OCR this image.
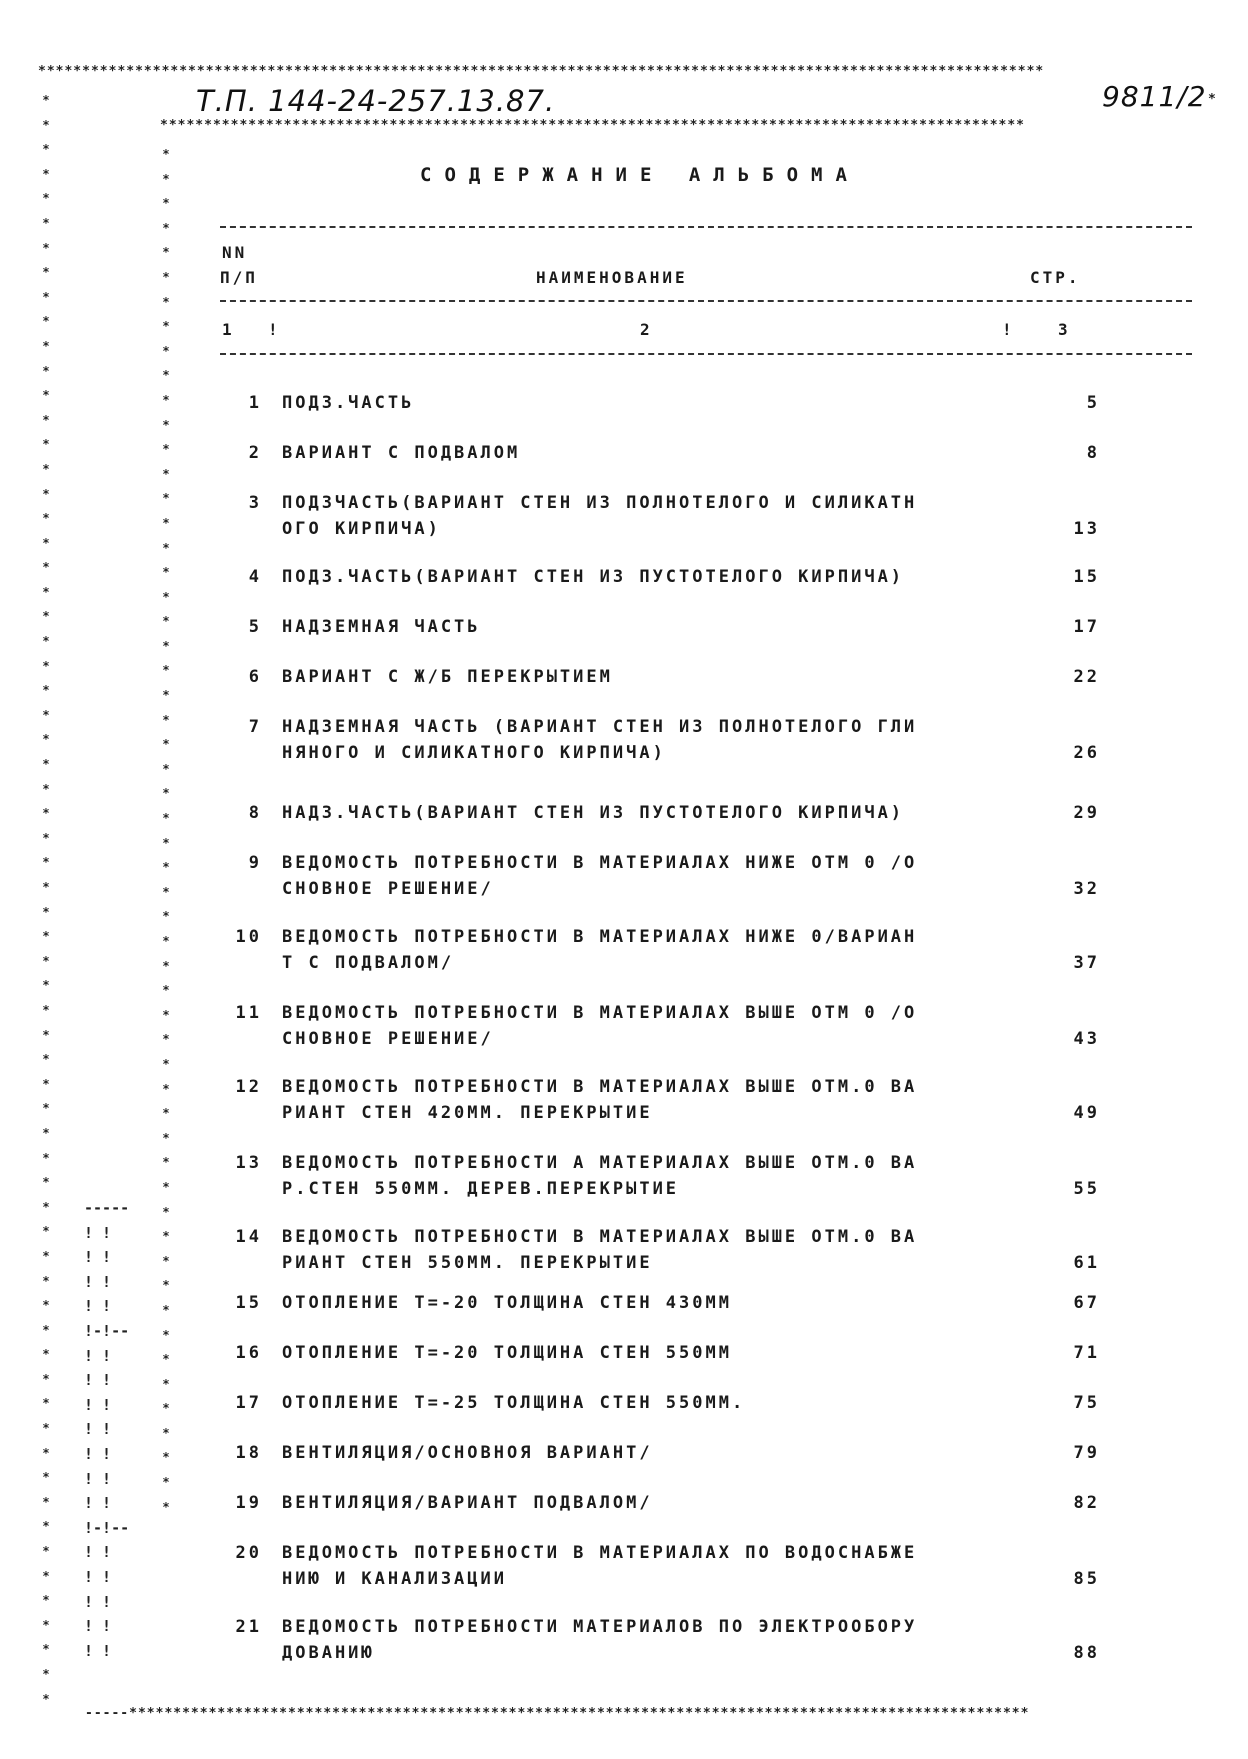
******************************************************************************************************************
**************************************************************************************************
-----******************************************************************************************************
*
*
*
*
*
*
*
*
*
*
*
*
*
*
*
*
*
*
*
*
*
*
*
*
*
*
*
*
*
*
*
*
*
*
*
*
*
*
*
*
*
*
*
*
*
*
*
*
*
*
*
*
*
*
*
*
*
*
*
*
*
*
*
*
*
*
*
*
*
*
*
*
*
*
*
*
*
*
*
*
*
*
*
*
*
*
*
*
*
*
*
*
*
*
*
*
*
*
*
*
*
*
*
*
*
*
*
*
*
*
*
*
*
*
*
*
*
*
*
*
*
*
-----
! !
! !
! !
! !
!-!--
! !
! !
! !
! !
! !
! !
! !
!-!--
! !
! !
! !
! !
! !
Т.П. 144-24-257.13.87.	9811/2 *
СОДЕРЖАНИЕ АЛЬБОМА
NN
П/П	НАИМЕНОВАНИЕ	СТР.
1 !	2	!	3
1 ПОДЗ.ЧАСТЬ	5
2 ВАРИАНТ С ПОДВАЛОМ	8
3 ПОДЗЧАСТЬ(ВАРИАНТ СТЕН ИЗ ПОЛНОТЕЛОГО И СИЛИКАТН
ОГО КИРПИЧА)	13
4 ПОДЗ.ЧАСТЬ(ВАРИАНТ СТЕН ИЗ ПУСТОТЕЛОГО КИРПИЧА)	15
5 НАДЗЕМНАЯ ЧАСТЬ	17
6 ВАРИАНТ С Ж/Б ПЕРЕКРЫТИЕМ	22
7 НАДЗЕМНАЯ ЧАСТЬ (ВАРИАНТ СТЕН ИЗ ПОЛНОТЕЛОГО ГЛИ
НЯНОГО И СИЛИКАТНОГО КИРПИЧА)	26
8 НАДЗ.ЧАСТЬ(ВАРИАНТ СТЕН ИЗ ПУСТОТЕЛОГО КИРПИЧА)	29
9 ВЕДОМОСТЬ ПОТРЕБНОСТИ В МАТЕРИАЛАХ НИЖЕ ОТМ 0 /О
СНОВНОЕ РЕШЕНИЕ/	32
10 ВЕДОМОСТЬ ПОТРЕБНОСТИ В МАТЕРИАЛАХ НИЖЕ 0/ВАРИАН
Т С ПОДВАЛОМ/	37
11 ВЕДОМОСТЬ ПОТРЕБНОСТИ В МАТЕРИАЛАХ ВЫШЕ ОТМ 0 /О
СНОВНОЕ РЕШЕНИЕ/	43
12 ВЕДОМОСТЬ ПОТРЕБНОСТИ В МАТЕРИАЛАХ ВЫШЕ ОТМ.0 ВА
РИАНТ СТЕН 420ММ. ПЕРЕКРЫТИЕ	49
13 ВЕДОМОСТЬ ПОТРЕБНОСТИ А МАТЕРИАЛАХ ВЫШЕ ОТМ.0 ВА
Р.СТЕН 550ММ. ДЕРЕВ.ПЕРЕКРЫТИЕ	55
14 ВЕДОМОСТЬ ПОТРЕБНОСТИ В МАТЕРИАЛАХ ВЫШЕ ОТМ.0 ВА
РИАНТ СТЕН 550ММ. ПЕРЕКРЫТИЕ	61
15 ОТОПЛЕНИЕ Т=-20 ТОЛЩИНА СТЕН 430ММ	67
16 ОТОПЛЕНИЕ Т=-20 ТОЛЩИНА СТЕН 550ММ	71
17 ОТОПЛЕНИЕ Т=-25 ТОЛЩИНА СТЕН 550ММ.	75
18 ВЕНТИЛЯЦИЯ/ОСНОВНОЯ ВАРИАНТ/	79
19 ВЕНТИЛЯЦИЯ/ВАРИАНТ ПОДВАЛОМ/	82
20 ВЕДОМОСТЬ ПОТРЕБНОСТИ В МАТЕРИАЛАХ ПО ВОДОСНАБЖЕ
НИЮ И КАНАЛИЗАЦИИ	85
21 ВЕДОМОСТЬ ПОТРЕБНОСТИ МАТЕРИАЛОВ ПО ЭЛЕКТРООБОРУ
ДОВАНИЮ	88
